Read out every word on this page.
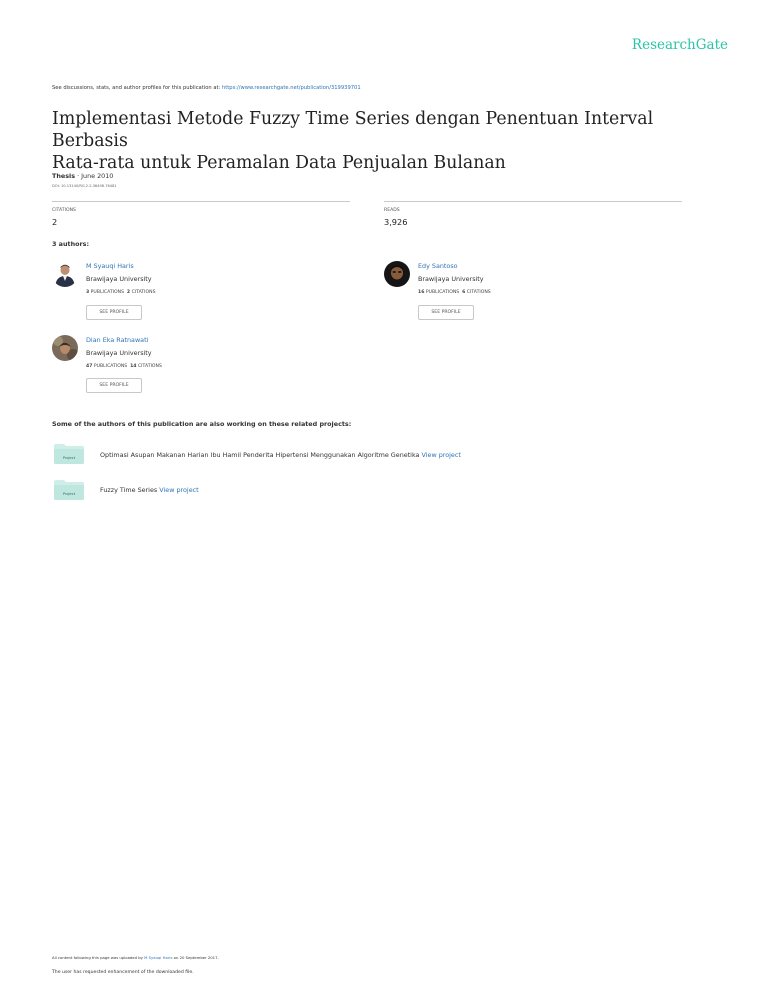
ResearchGate
See discussions, stats, and author profiles for this publication at: https://www.researchgate.net/publication/319939701
Implementasi Metode Fuzzy Time Series dengan Penentuan Interval Berbasis
Rata-rata untuk Peramalan Data Penjualan Bulanan
Thesis · June 2010
DOI: 10.13140/RG.2.2.36498.76481
CITATIONS
2
READS
3,926
3 authors:
M Syauqi Haris
Brawijaya University
3 PUBLICATIONS 2 CITATIONS
SEE PROFILE
Edy Santoso
Brawijaya University
16 PUBLICATIONS 6 CITATIONS
SEE PROFILE
Dian Eka Ratnawati
Brawijaya University
47 PUBLICATIONS 14 CITATIONS
SEE PROFILE
Some of the authors of this publication are also working on these related projects:
Project	Optimasi Asupan Makanan Harian Ibu Hamil Penderita Hipertensi Menggunakan Algoritme Genetika View project
Project	Fuzzy Time Series View project
All content following this page was uploaded by M Syauqi Haris on 20 September 2017.
The user has requested enhancement of the downloaded file.
